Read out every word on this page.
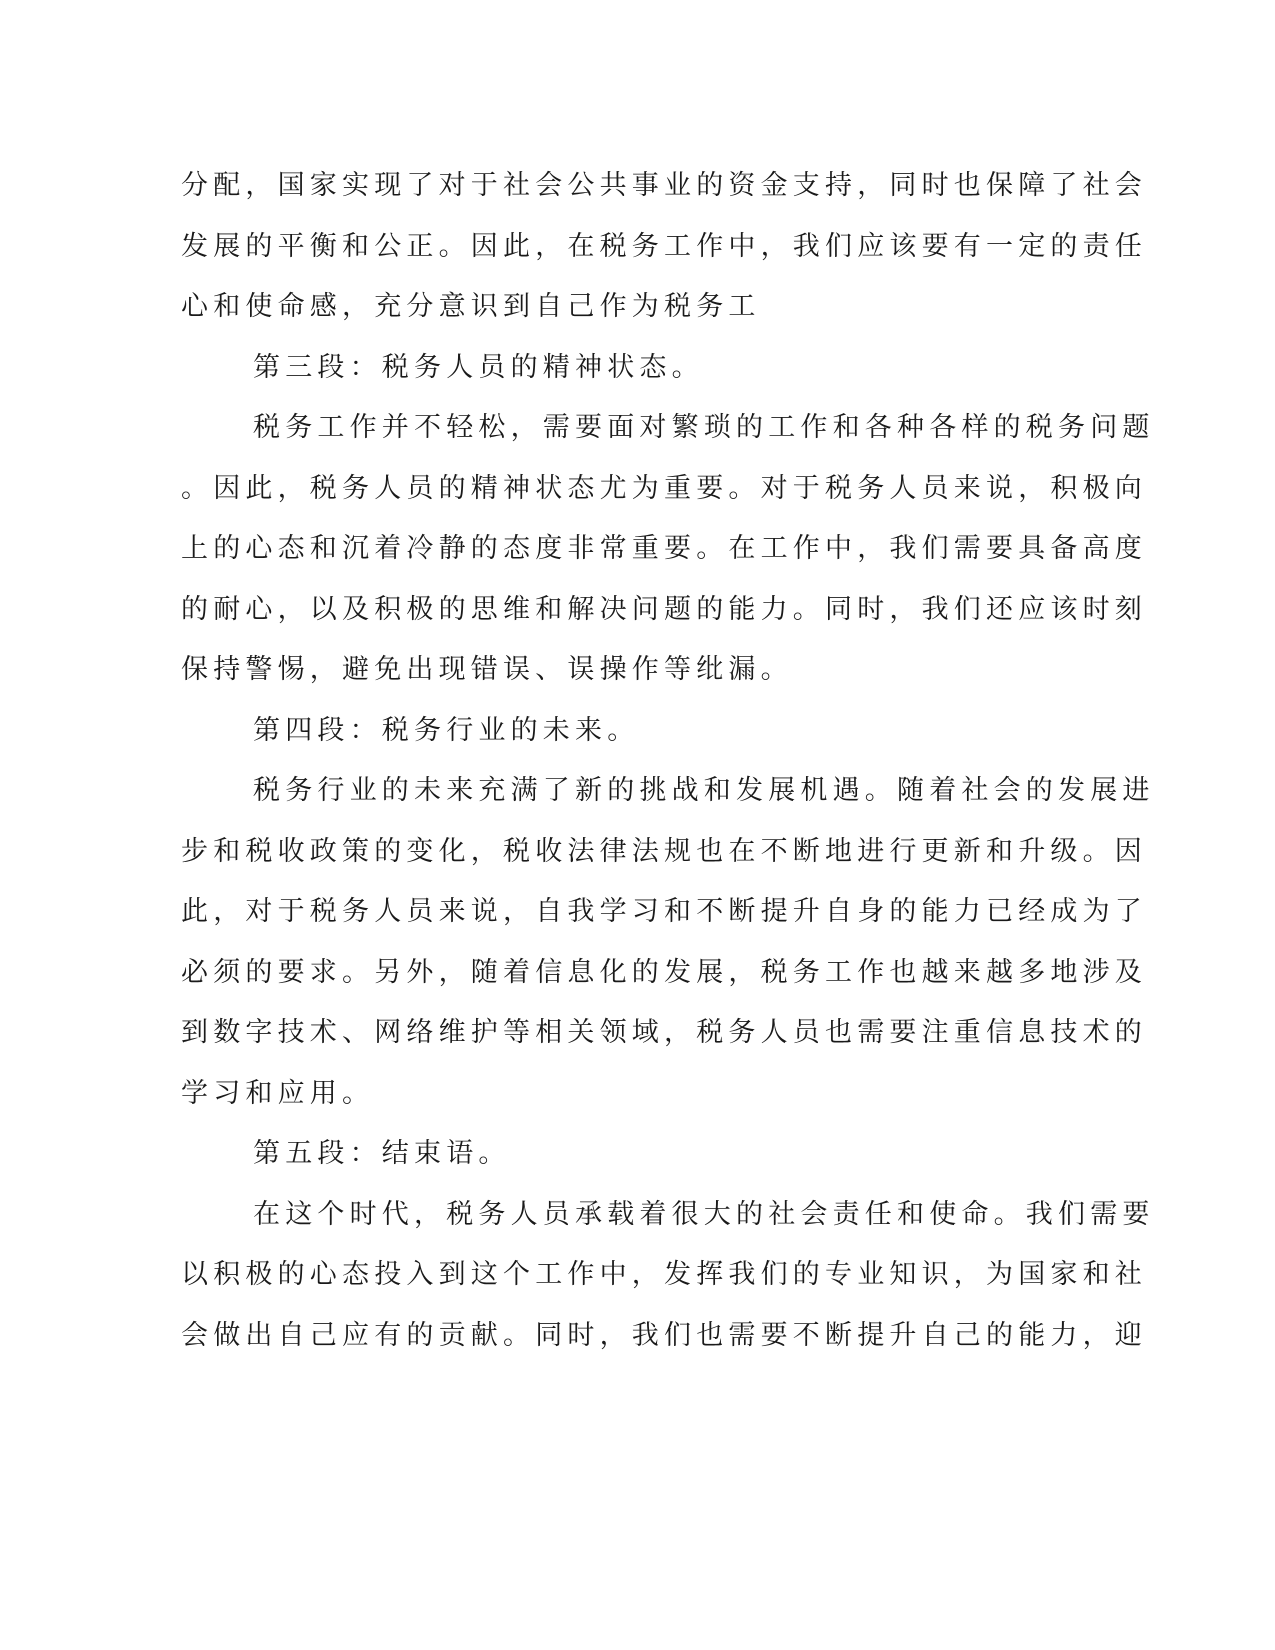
分配，国家实现了对于社会公共事业的资金支持，同时也保障了社会
发展的平衡和公正。因此，在税务工作中，我们应该要有一定的责任
心和使命感，充分意识到自己作为税务工

第三段：税务人员的精神状态。

税务工作并不轻松，需要面对繁琐的工作和各种各样的税务问题
。因此，税务人员的精神状态尤为重要。对于税务人员来说，积极向
上的心态和沉着冷静的态度非常重要。在工作中，我们需要具备高度
的耐心，以及积极的思维和解决问题的能力。同时，我们还应该时刻
保持警惕，避免出现错误、误操作等纰漏。

第四段：税务行业的未来。

税务行业的未来充满了新的挑战和发展机遇。随着社会的发展进
步和税收政策的变化，税收法律法规也在不断地进行更新和升级。因
此，对于税务人员来说，自我学习和不断提升自身的能力已经成为了
必须的要求。另外，随着信息化的发展，税务工作也越来越多地涉及
到数字技术、网络维护等相关领域，税务人员也需要注重信息技术的
学习和应用。

第五段：结束语。

在这个时代，税务人员承载着很大的社会责任和使命。我们需要
以积极的心态投入到这个工作中，发挥我们的专业知识，为国家和社
会做出自己应有的贡献。同时，我们也需要不断提升自己的能力，迎
